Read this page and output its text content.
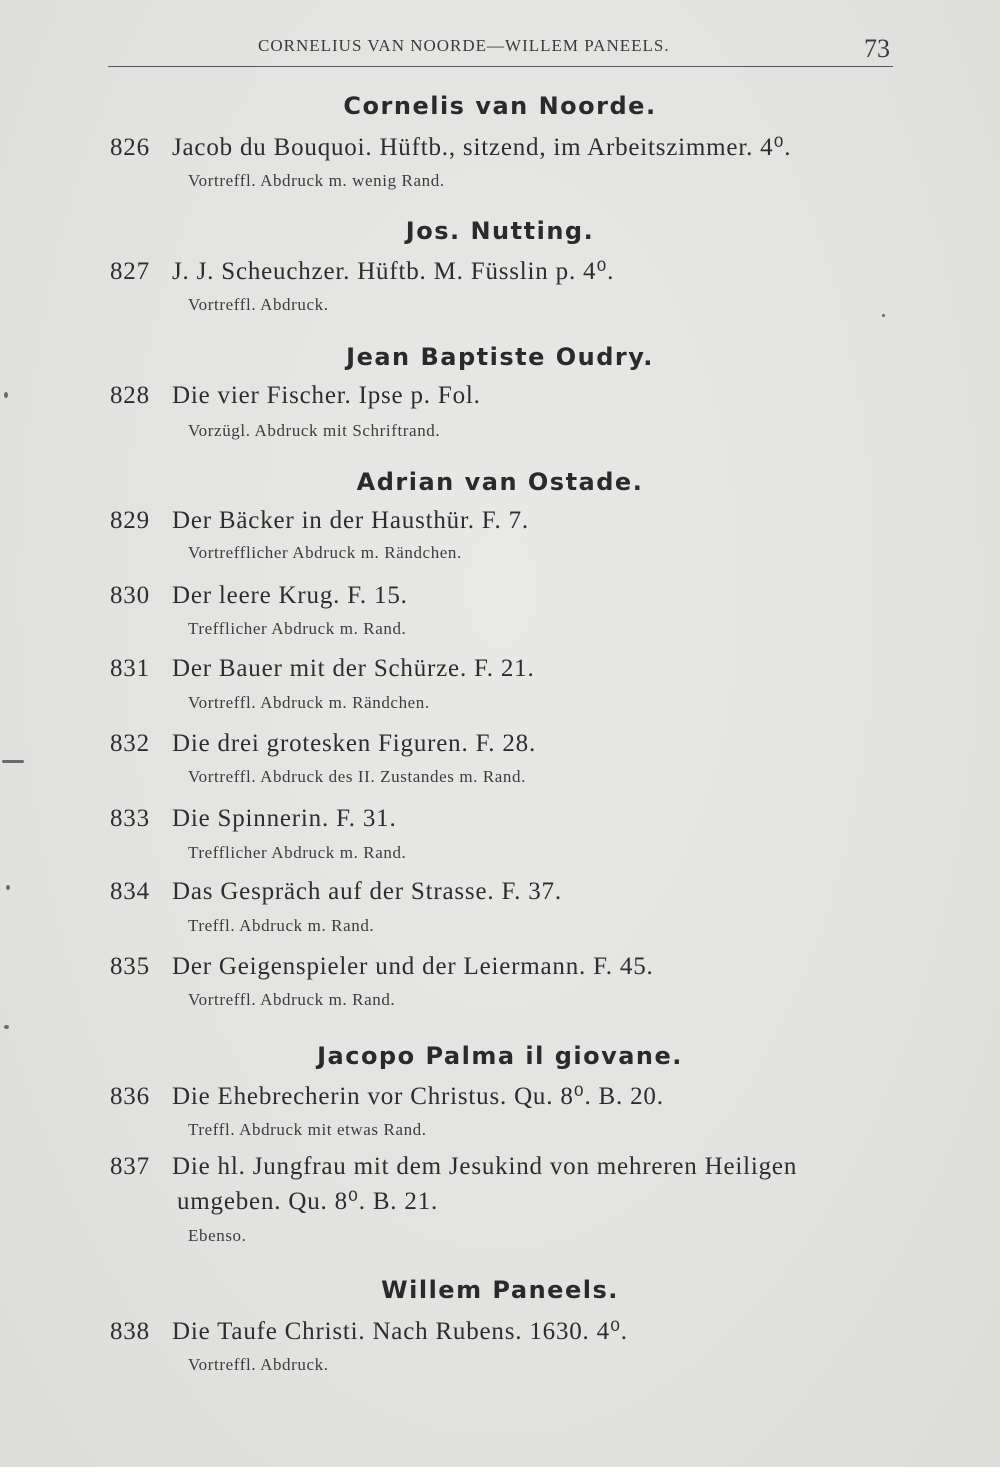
CORNELIUS VAN NOORDE—WILLEM PANEELS.	73
Cornelis van Noorde.
826 Jacob du Bouquoi. Hüftb., sitzend, im Arbeitszimmer. 4⁰.
Vortreffl. Abdruck m. wenig Rand.
Jos. Nutting.
827 J. J. Scheuchzer. Hüftb. M. Füsslin p. 4⁰.
Vortreffl. Abdruck.
Jean Baptiste Oudry.
828 Die vier Fischer. Ipse p. Fol.
Vorzügl. Abdruck mit Schriftrand.
Adrian van Ostade.
829 Der Bäcker in der Hausthür. F. 7.
Vortrefflicher Abdruck m. Rändchen.
830 Der leere Krug. F. 15.
Trefflicher Abdruck m. Rand.
831 Der Bauer mit der Schürze. F. 21.
Vortreffl. Abdruck m. Rändchen.
832 Die drei grotesken Figuren. F. 28.
Vortreffl. Abdruck des II. Zustandes m. Rand.
833 Die Spinnerin. F. 31.
Trefflicher Abdruck m. Rand.
834 Das Gespräch auf der Strasse. F. 37.
Treffl. Abdruck m. Rand.
835 Der Geigenspieler und der Leiermann. F. 45.
Vortreffl. Abdruck m. Rand.
Jacopo Palma il giovane.
836 Die Ehebrecherin vor Christus. Qu. 8⁰. B. 20.
Treffl. Abdruck mit etwas Rand.
837 Die hl. Jungfrau mit dem Jesukind von mehreren Heiligen
umgeben. Qu. 8⁰. B. 21.
Ebenso.
Willem Paneels.
838 Die Taufe Christi. Nach Rubens. 1630. 4⁰.
Vortreffl. Abdruck.
